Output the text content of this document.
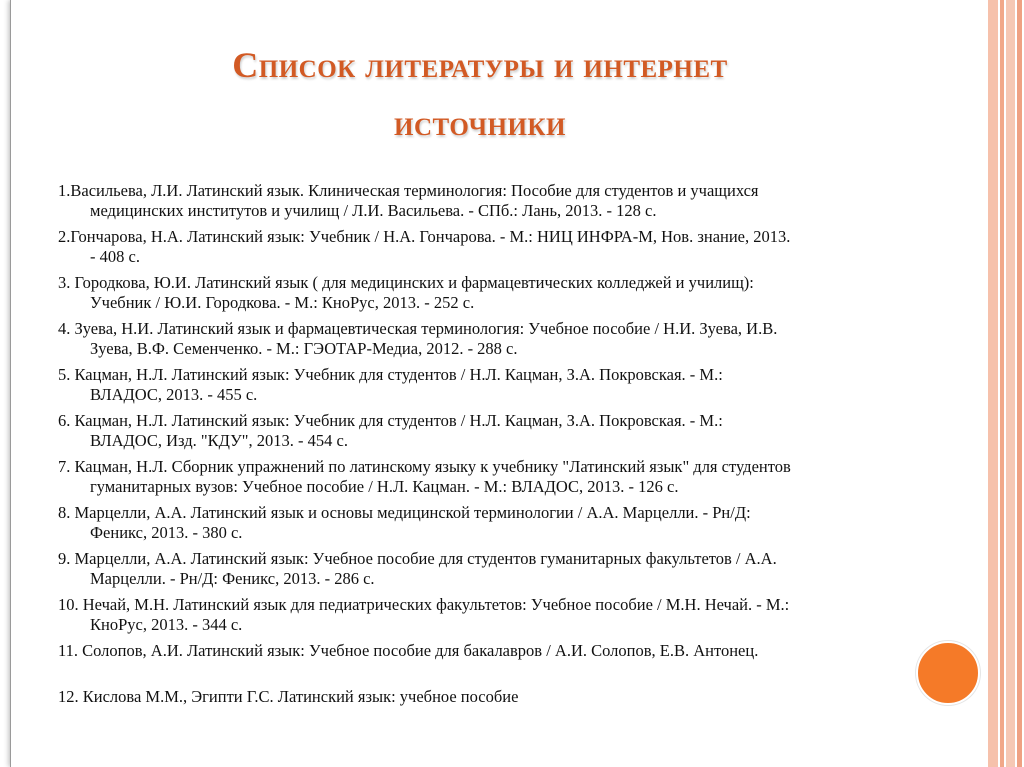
Список литературы и интернет
источники
1.Васильева, Л.И. Латинский язык. Клиническая терминология: Пособие для студентов и учащихся
медицинских институтов и училищ / Л.И. Васильева. - СПб.: Лань, 2013. - 128 с.
2.Гончарова, Н.А. Латинский язык: Учебник / Н.А. Гончарова. - М.: НИЦ ИНФРА-М, Нов. знание, 2013.
- 408 с.
3. Городкова, Ю.И. Латинский язык ( для медицинских и фармацевтических колледжей и училищ):
Учебник / Ю.И. Городкова. - М.: КноРус, 2013. - 252 с.
4. Зуева, Н.И. Латинский язык и фармацевтическая терминология: Учебное пособие / Н.И. Зуева, И.В.
Зуева, В.Ф. Семенченко. - М.: ГЭОТАР-Медиа, 2012. - 288 с.
5. Кацман, Н.Л. Латинский язык: Учебник для студентов / Н.Л. Кацман, З.А. Покровская. - М.:
ВЛАДОС, 2013. - 455 с.
6. Кацман, Н.Л. Латинский язык: Учебник для студентов / Н.Л. Кацман, З.А. Покровская. - М.:
ВЛАДОС, Изд. "КДУ", 2013. - 454 с.
7. Кацман, Н.Л. Сборник упражнений по латинскому языку к учебнику "Латинский язык" для студентов
гуманитарных вузов: Учебное пособие / Н.Л. Кацман. - М.: ВЛАДОС, 2013. - 126 с.
8. Марцелли, А.А. Латинский язык и основы медицинской терминологии / А.А. Марцелли. - Рн/Д:
Феникс, 2013. - 380 с.
9. Марцелли, А.А. Латинский язык: Учебное пособие для студентов гуманитарных факультетов / А.А.
Марцелли. - Рн/Д: Феникс, 2013. - 286 с.
10. Нечай, М.Н. Латинский язык для педиатрических факультетов: Учебное пособие / М.Н. Нечай. - М.:
КноРус, 2013. - 344 с.
11. Солопов, А.И. Латинский язык: Учебное пособие для бакалавров / А.И. Солопов, Е.В. Антонец.
12. Кислова М.М., Эгипти Г.С. Латинский язык: учебное пособие
